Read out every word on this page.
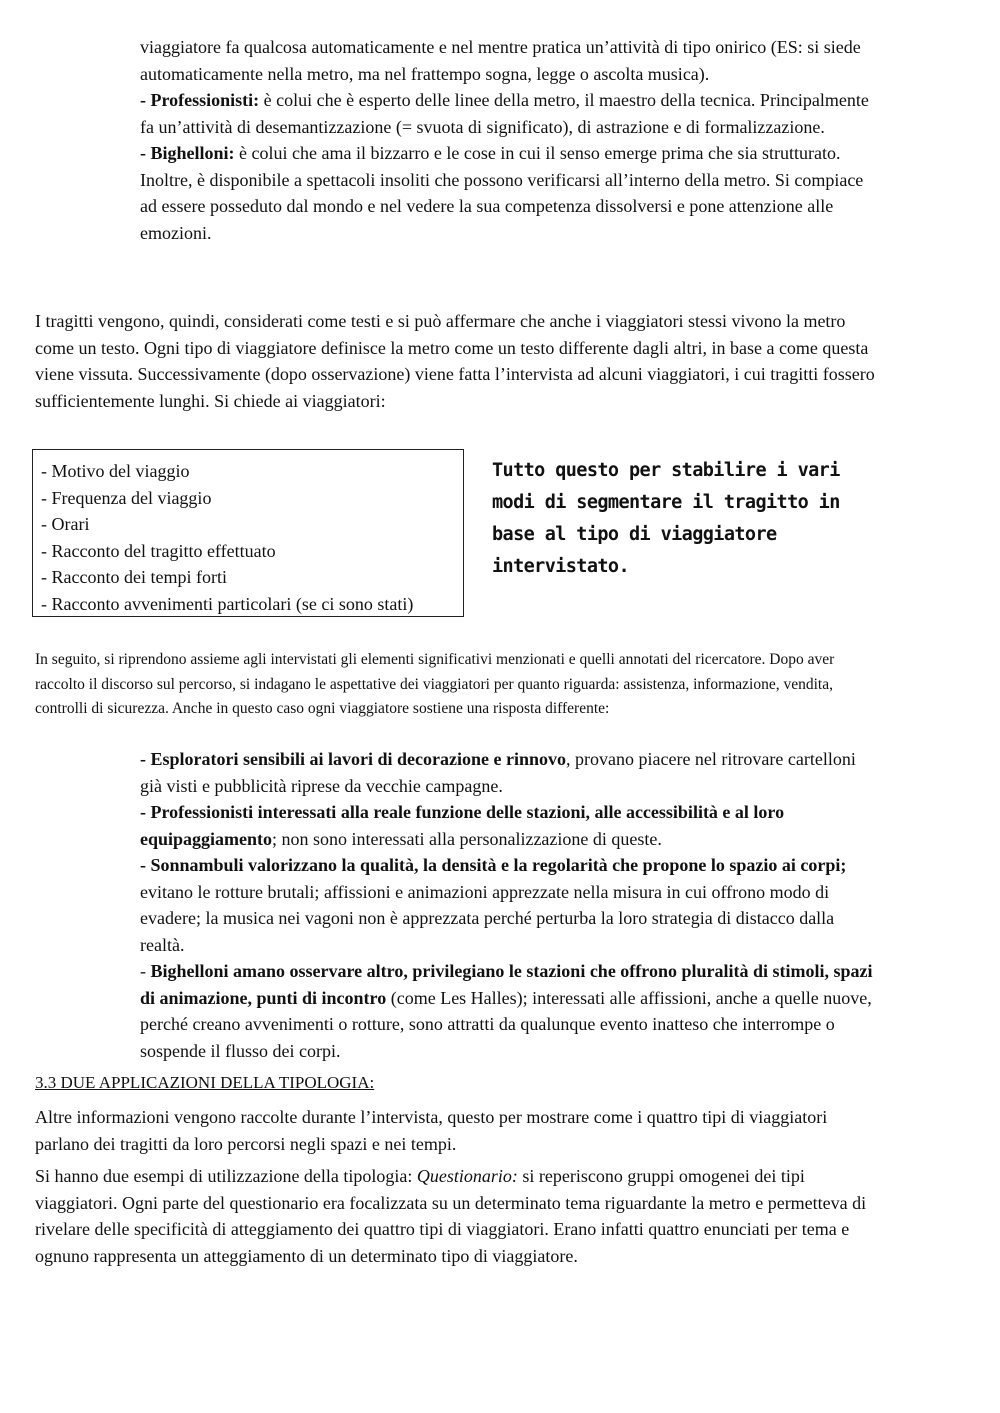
viaggiatore fa qualcosa automaticamente e nel mentre pratica un’attività di tipo onirico (ES: si siede automaticamente nella metro, ma nel frattempo sogna, legge o ascolta musica).

- Professionisti: è colui che è esperto delle linee della metro, il maestro della tecnica. Principalmente fa un’attività di desemantizzazione (= svuota di significato), di astrazione e di formalizzazione.

- Bighelloni: è colui che ama il bizzarro e le cose in cui il senso emerge prima che sia strutturato. Inoltre, è disponibile a spettacoli insoliti che possono verificarsi all’interno della metro. Si compiace ad essere posseduto dal mondo e nel vedere la sua competenza dissolversi e pone attenzione alle emozioni.

I tragitti vengono, quindi, considerati come testi e si può affermare che anche i viaggiatori stessi vivono la metro come un testo. Ogni tipo di viaggiatore definisce la metro come un testo differente dagli altri, in base a come questa viene vissuta. Successivamente (dopo osservazione) viene fatta l’intervista ad alcuni viaggiatori, i cui tragitti fossero sufficientemente lunghi. Si chiede ai viaggiatori:

- Motivo del viaggio
- Frequenza del viaggio
- Orari
- Racconto del tragitto effettuato
- Racconto dei tempi forti
- Racconto avvenimenti particolari (se ci sono stati)

Tutto questo per stabilire i vari modi di segmentare il tragitto in base al tipo di viaggiatore intervistato.

In seguito, si riprendono assieme agli intervistati gli elementi significativi menzionati e quelli annotati del ricercatore. Dopo aver raccolto il discorso sul percorso, si indagano le aspettative dei viaggiatori per quanto riguarda: assistenza, informazione, vendita, controlli di sicurezza. Anche in questo caso ogni viaggiatore sostiene una risposta differente:

- Esploratori sensibili ai lavori di decorazione e rinnovo, provano piacere nel ritrovare cartelloni già visti e pubblicità riprese da vecchie campagne.

- Professionisti interessati alla reale funzione delle stazioni, alle accessibilità e al loro equipaggiamento; non sono interessati alla personalizzazione di queste.

- Sonnambuli valorizzano la qualità, la densità e la regolarità che propone lo spazio ai corpi; evitano le rotture brutali; affissioni e animazioni apprezzate nella misura in cui offrono modo di evadere; la musica nei vagoni non è apprezzata perché perturba la loro strategia di distacco dalla realtà.

- Bighelloni amano osservare altro, privilegiano le stazioni che offrono pluralità di stimoli, spazi di animazione, punti di incontro (come Les Halles); interessati alle affissioni, anche a quelle nuove, perché creano avvenimenti o rotture, sono attratti da qualunque evento inatteso che interrompe o sospende il flusso dei corpi.

3.3 DUE APPLICAZIONI DELLA TIPOLOGIA:

Altre informazioni vengono raccolte durante l’intervista, questo per mostrare come i quattro tipi di viaggiatori parlano dei tragitti da loro percorsi negli spazi e nei tempi.

Si hanno due esempi di utilizzazione della tipologia: Questionario: si reperiscono gruppi omogenei dei tipi viaggiatori. Ogni parte del questionario era focalizzata su un determinato tema riguardante la metro e permetteva di rivelare delle specificità di atteggiamento dei quattro tipi di viaggiatori. Erano infatti quattro enunciati per tema e ognuno rappresenta un atteggiamento di un determinato tipo di viaggiatore.
